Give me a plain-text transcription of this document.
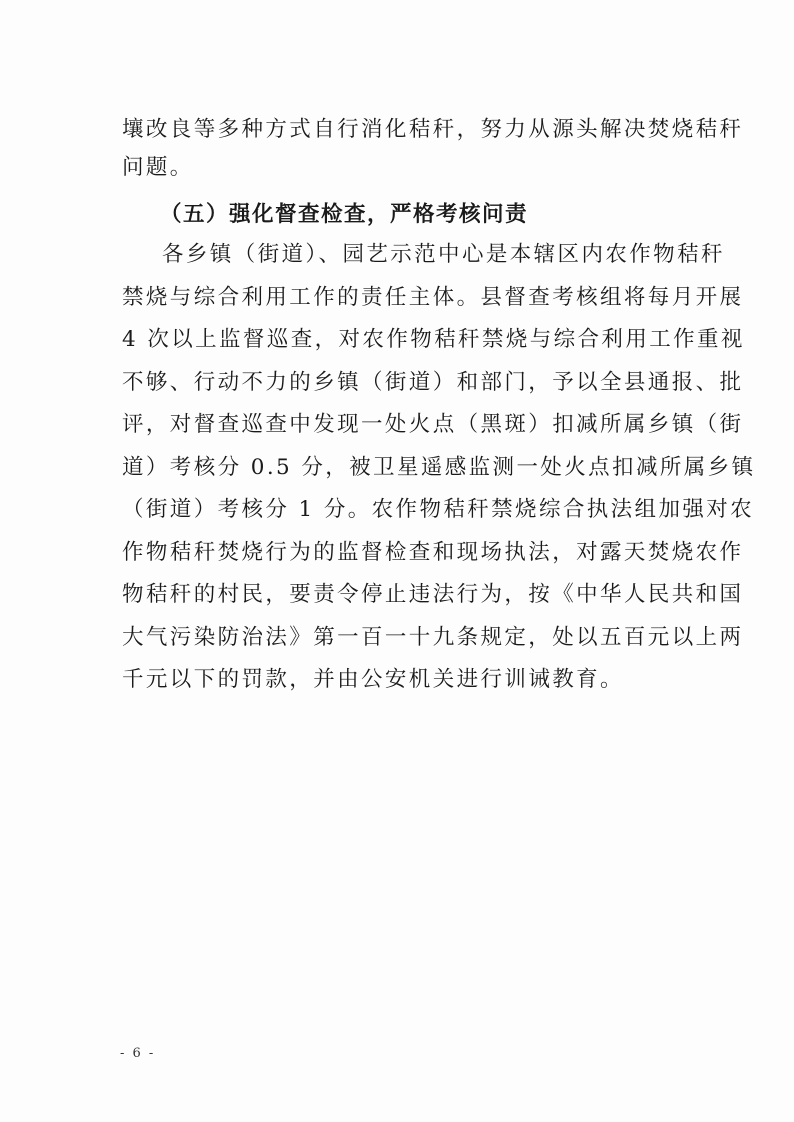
壤改良等多种方式自行消化秸秆，努力从源头解决焚烧秸秆
问题。
（五）强化督查检查，严格考核问责
各乡镇（街道）、园艺示范中心是本辖区内农作物秸秆
禁烧与综合利用工作的责任主体。县督查考核组将每月开展
4 次以上监督巡查，对农作物秸秆禁烧与综合利用工作重视
不够、行动不力的乡镇（街道）和部门，予以全县通报、批
评，对督查巡查中发现一处火点（黑斑）扣减所属乡镇（街
道）考核分 0.5 分，被卫星遥感监测一处火点扣减所属乡镇
（街道）考核分 1 分。农作物秸秆禁烧综合执法组加强对农
作物秸秆焚烧行为的监督检查和现场执法，对露天焚烧农作
物秸秆的村民，要责令停止违法行为，按《中华人民共和国
大气污染防治法》第一百一十九条规定，处以五百元以上两
千元以下的罚款，并由公安机关进行训诫教育。
- 6 -
